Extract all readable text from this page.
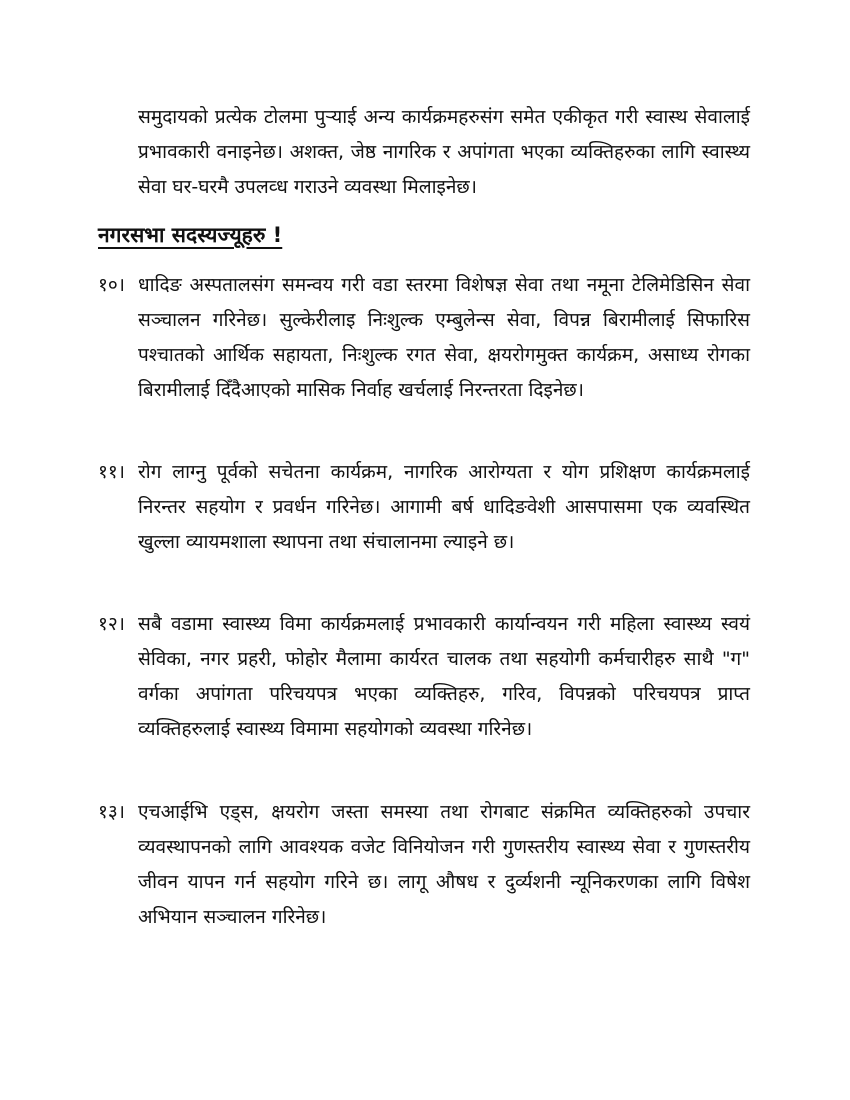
समुदायको प्रत्येक टोलमा पुऱ्याई अन्य कार्यक्रमहरुसंग समेत एकीकृत गरी स्वास्थ सेवालाई प्रभावकारी वनाइनेछ। अशक्त, जेष्ठ नागरिक र अपांगता भएका व्यक्तिहरुका लागि स्वास्थ्य सेवा घर-घरमै उपलव्ध गराउने व्यवस्था मिलाइनेछ।

नगरसभा सदस्यज्यूहरु !
१०। धादिङ अस्पतालसंग समन्वय गरी वडा स्तरमा विशेषज्ञ सेवा तथा नमूना टेलिमेडिसिन सेवा सञ्चालन गरिनेछ। सुल्केरीलाइ निःशुल्क एम्बुलेन्स सेवा, विपन्न बिरामीलाई सिफारिस पश्चातको आर्थिक सहायता, निःशुल्क रगत सेवा, क्षयरोगमुक्त कार्यक्रम, असाध्य रोगका बिरामीलाई दिँदैआएको मासिक निर्वाह खर्चलाई निरन्तरता दिइनेछ।
११। रोग लाग्नु पूर्वको सचेतना कार्यक्रम, नागरिक आरोग्यता र योग प्रशिक्षण कार्यक्रमलाई निरन्तर सहयोग र प्रवर्धन गरिनेछ। आगामी बर्ष धादिङवेशी आसपासमा एक व्यवस्थित खुल्ला व्यायमशाला स्थापना तथा संचालानमा ल्याइने छ।
१२। सबै वडामा स्वास्थ्य विमा कार्यक्रमलाई प्रभावकारी कार्यान्वयन गरी महिला स्वास्थ्य स्वयं सेविका, नगर प्रहरी, फोहोर मैलामा कार्यरत चालक तथा सहयोगी कर्मचारीहरु साथै "ग" वर्गका अपांगता परिचयपत्र भएका व्यक्तिहरु, गरिव, विपन्नको परिचयपत्र प्राप्त व्यक्तिहरुलाई स्वास्थ्य विमामा सहयोगको व्यवस्था गरिनेछ।
१३। एचआईभि एड्स, क्षयरोग जस्ता समस्या तथा रोगबाट संक्रमित व्यक्तिहरुको उपचार व्यवस्थापनको लागि आवश्यक वजेट विनियोजन गरी गुणस्तरीय स्वास्थ्य सेवा र गुणस्तरीय जीवन यापन गर्न सहयोग गरिने छ। लागू औषध र दुर्व्यशनी न्यूनिकरणका लागि विषेश अभियान सञ्चालन गरिनेछ।
